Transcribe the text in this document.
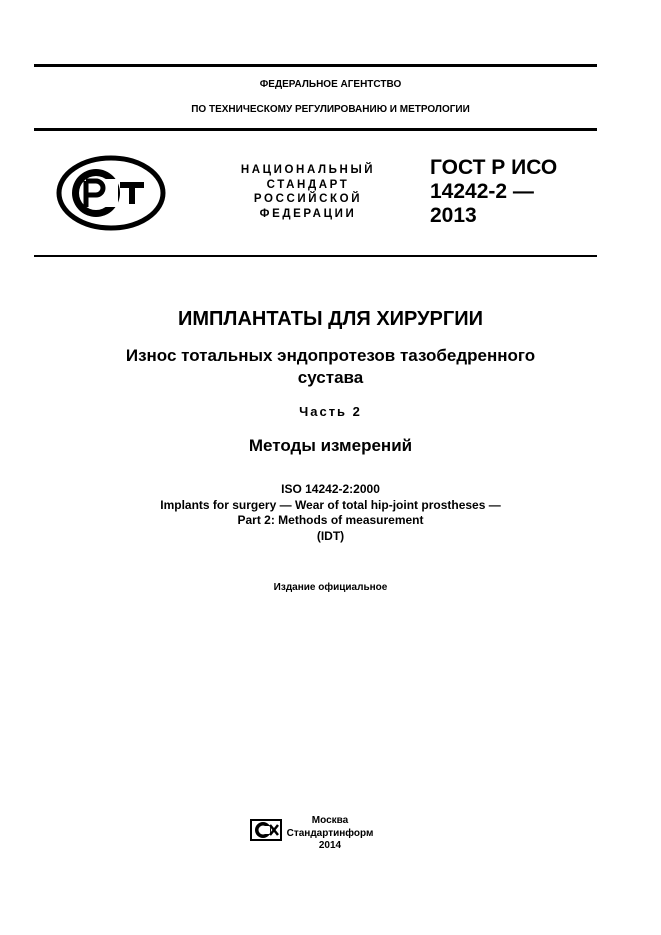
ФЕДЕРАЛЬНОЕ АГЕНТСТВО
ПО ТЕХНИЧЕСКОМУ РЕГУЛИРОВАНИЮ И МЕТРОЛОГИИ
НАЦИОНАЛЬНЫЙ
СТАНДАРТ
РОССИЙСКОЙ
ФЕДЕРАЦИИ
ГОСТ Р ИСО
14242-2 —
2013
ИМПЛАНТАТЫ ДЛЯ ХИРУРГИИ
Износ тотальных эндопротезов тазобедренного
сустава
Часть 2
Методы измерений
ISO 14242-2:2000
Implants for surgery — Wear of total hip-joint prostheses —
Part 2: Methods of measurement
(IDT)
Издание официальное
Москва
Стандартинформ
2014
